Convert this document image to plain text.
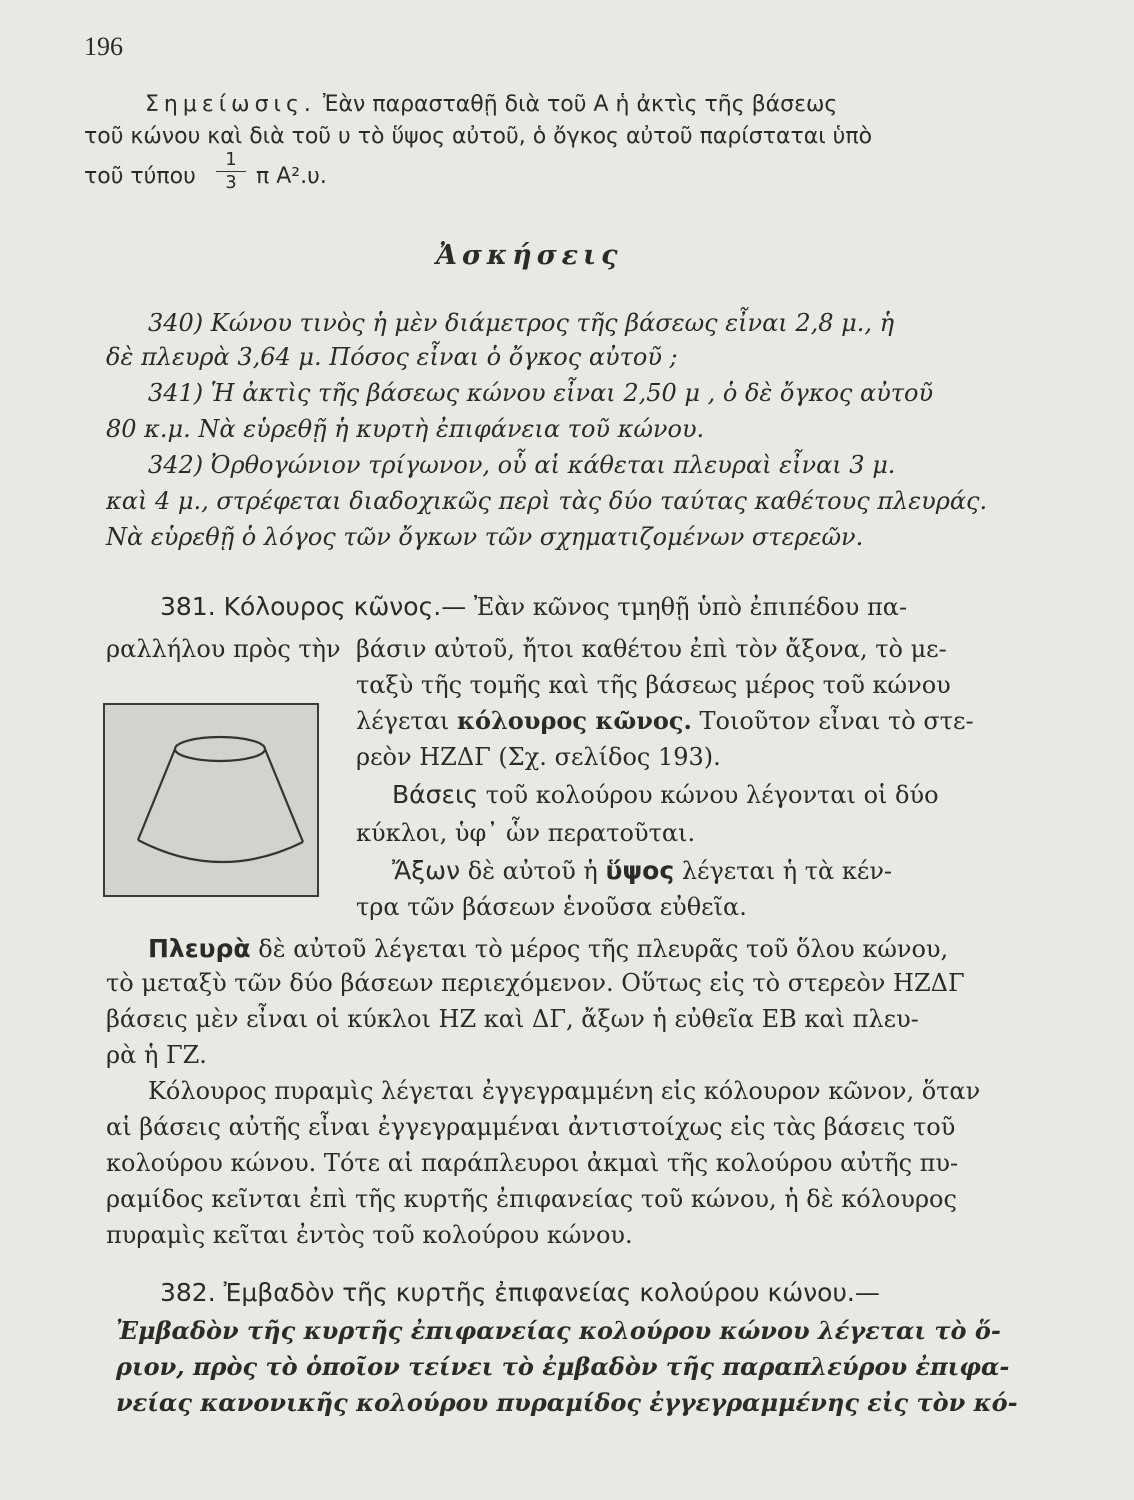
196
Σημείωσις. Ἐὰν παρασταθῇ διὰ τοῦ Α ἡ ἀκτὶς τῆς βάσεως
τοῦ κώνου καὶ διὰ τοῦ υ τὸ ὕψος αὐτοῦ, ὁ ὄγκος αὐτοῦ παρίσταται ὑπὸ
τοῦ τύπου
1
3 π Α².υ.
Ἀσκήσεις
340) Κώνου τινὸς ἡ μὲν διάμετρος τῆς βάσεως εἶναι 2,8 μ., ἡ
δὲ πλευρὰ 3,64 μ. Πόσος εἶναι ὁ ὄγκος αὐτοῦ ;
341) Ἡ ἀκτὶς τῆς βάσεως κώνου εἶναι 2,50 μ , ὁ δὲ ὄγκος αὐτοῦ
80 κ.μ. Νὰ εὑρεθῇ ἡ κυρτὴ ἐπιφάνεια τοῦ κώνου.
342) Ὀρθογώνιον τρίγωνον, οὗ αἱ κάθεται πλευραὶ εἶναι 3 μ.
καὶ 4 μ., στρέφεται διαδοχικῶς περὶ τὰς δύο ταύτας καθέτους πλευράς.
Νὰ εὑρεθῇ ὁ λόγος τῶν ὄγκων τῶν σχηματιζομένων στερεῶν.
381. Κόλουρος κῶνος.— Ἐὰν κῶνος τμηθῇ ὑπὸ ἐπιπέδου πα-
ραλλήλου πρὸς τὴν βάσιν αὐτοῦ, ἤτοι καθέτου ἐπὶ τὸν ἄξονα, τὸ με-
ταξὺ τῆς τομῆς καὶ τῆς βάσεως μέρος τοῦ κώνου
λέγεται κόλουρος κῶνος. Τοιοῦτον εἶναι τὸ στε-
ρεὸν ΗΖΔΓ (Σχ. σελίδος 193).
Βάσεις τοῦ κολούρου κώνου λέγονται οἱ δύο
κύκλοι, ὑφ᾽ ὧν περατοῦται.
Ἄξων δὲ αὐτοῦ ἡ ὕψος λέγεται ἡ τὰ κέν-
τρα τῶν βάσεων ἑνοῦσα εὐθεῖα.
Πλευρὰ δὲ αὐτοῦ λέγεται τὸ μέρος τῆς πλευρᾶς τοῦ ὅλου κώνου,
τὸ μεταξὺ τῶν δύο βάσεων περιεχόμενον. Οὕτως εἰς τὸ στερεὸν ΗΖΔΓ
βάσεις μὲν εἶναι οἱ κύκλοι ΗΖ καὶ ΔΓ, ἄξων ἡ εὐθεῖα ΕΒ καὶ πλευ-
ρὰ ἡ ΓΖ.
Κόλουρος πυραμὶς λέγεται ἐγγεγραμμένη εἰς κόλουρον κῶνον, ὅταν
αἱ βάσεις αὐτῆς εἶναι ἐγγεγραμμέναι ἀντιστοίχως εἰς τὰς βάσεις τοῦ
κολούρου κώνου. Τότε αἱ παράπλευροι ἀκμαὶ τῆς κολούρου αὐτῆς πυ-
ραμίδος κεῖνται ἐπὶ τῆς κυρτῆς ἐπιφανείας τοῦ κώνου, ἡ δὲ κόλουρος
πυραμὶς κεῖται ἐντὸς τοῦ κολούρου κώνου.
382. Ἐμβαδὸν τῆς κυρτῆς ἐπιφανείας κολούρου κώνου.—
Ἐμβαδὸν τῆς κυρτῆς ἐπιφανείας κολούρου κώνου λέγεται τὸ ὅ-
ριον, πρὸς τὸ ὁποῖον τείνει τὸ ἐμβαδὸν τῆς παραπλεύρου ἐπιφα-
νείας κανονικῆς κολούρου πυραμίδος ἐγγεγραμμένης εἰς τὸν κό-
